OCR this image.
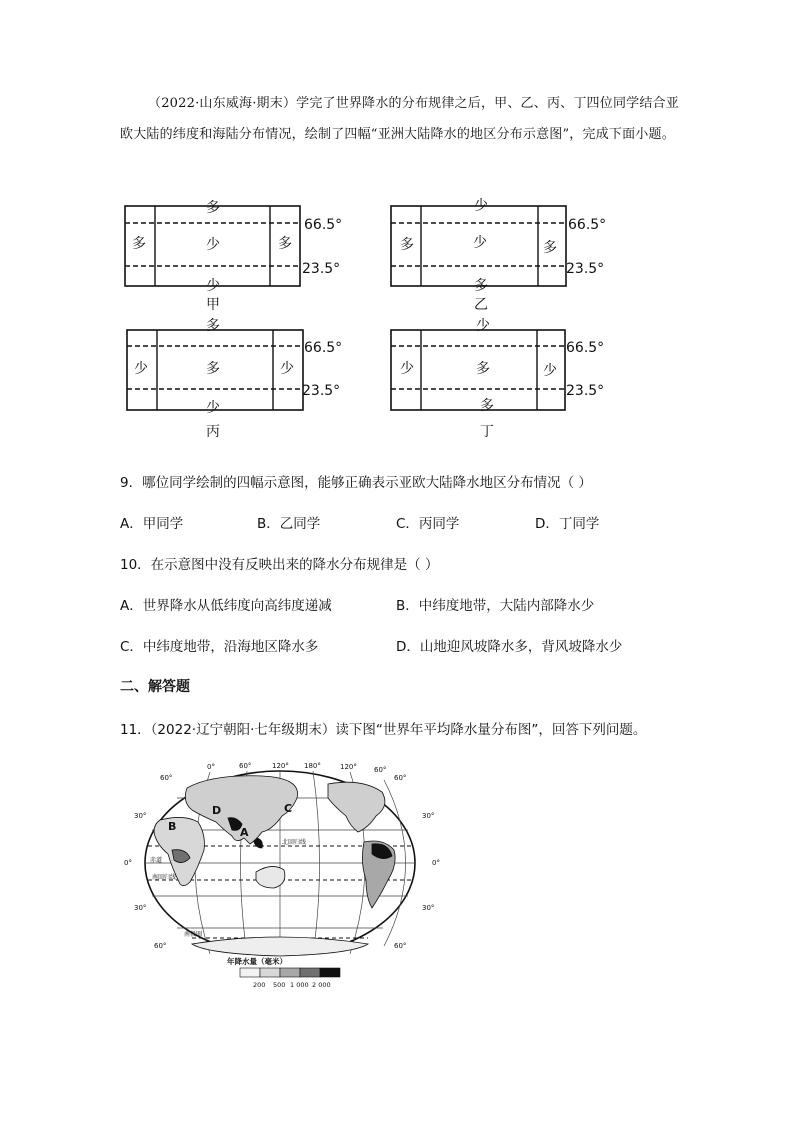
（2022·山东威海·期末）学完了世界降水的分布规律之后，甲、乙、丙、丁四位同学结合亚欧大陆的纬度和海陆分布情况，绘制了四幅“亚洲大陆降水的地区分布示意图”，完成下面小题。

多
多	少	多
少
66.5°
23.5°
甲
少
多	少	多
多
66.5°
23.5°
乙
多
少	多	少
少
66.5°
23.5°
丙
少
少	多	少
多
66.5°
23.5°
丁
9．哪位同学绘制的四幅示意图，能够正确表示亚欧大陆降水地区分布情况（ ）
A．甲同学	B．乙同学	C．丙同学	D．丁同学
10．在示意图中没有反映出来的降水分布规律是（ ）
A．世界降水从低纬度向高纬度递减	B．中纬度地带，大陆内部降水少
C．中纬度地带，沿海地区降水多	D．山地迎风坡降水多，背风坡降水少
二、解答题
11．（2022·辽宁朝阳·七年级期末）读下图“世界年平均降水量分布图”，回答下列问题。
A
B
C
D
北回归线
赤道
南回归线
南极圈
0°	60°	120° 180°	120° 60°
60°
30°
0°
30°
60°
60°
30°
0°
30°
60°
年降水量（毫米）
200 500 1 000 2 000
